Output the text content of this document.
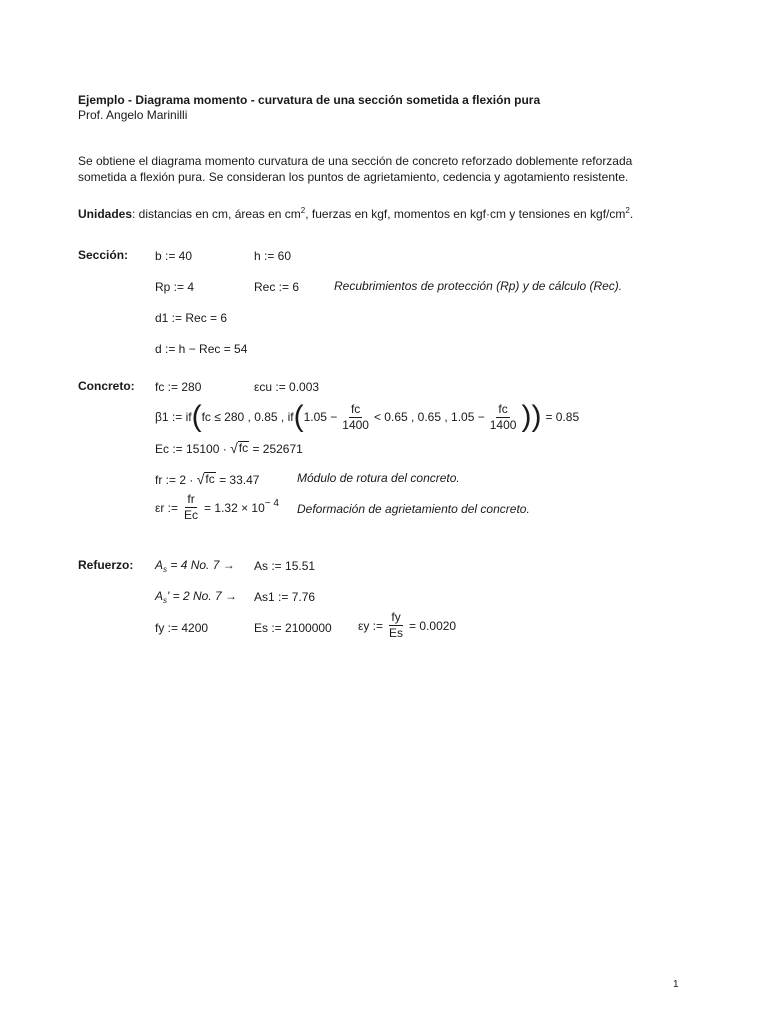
Ejemplo - Diagrama momento - curvatura de una sección sometida a flexión pura
Prof. Angelo Marinilli
Se obtiene el diagrama momento curvatura de una sección de concreto reforzado doblemente reforzada sometida a flexión pura. Se consideran los puntos de agrietamiento, cedencia y agotamiento resistente.
Unidades: distancias en cm, áreas en $cm^2$, fuerzas en kgf, momentos en kgf·cm y tensiones en kgf/$cm^2$.
Sección: b := 40	h := 60
Rp := 4	Rec := 6	Recubrimientos de protección (Rp) y de cálculo (Rec).
d1 := Rec = 6
d := h − Rec = 54
Concreto: fc := 280	εcu := 0.003
β1 := if ( fc ≤ 280 , 0.85 , if ( $1.05 - \frac{fc}{1400} < 0.65$ , 0.65 , $1.05 - \frac{fc}{1400}$ ) ) = 0.85
Ec := 15100 · √ fc = 252671
fr := 2 · √ fc = 33.47	Módulo de rotura del concreto.
εr := $\frac{fr}{Ec} = 1.32 \times 10^{- 4}$ Deformación de agrietamiento del concreto.
Refuerzo: $A_s = 4$ No. 7 → As := 15.51
$A_s' = 2$ No. 7 → As1 := 7.76
fy := 4200	Es := 2100000 εy := $\frac{fy}{Es} = 0.0020$
1
